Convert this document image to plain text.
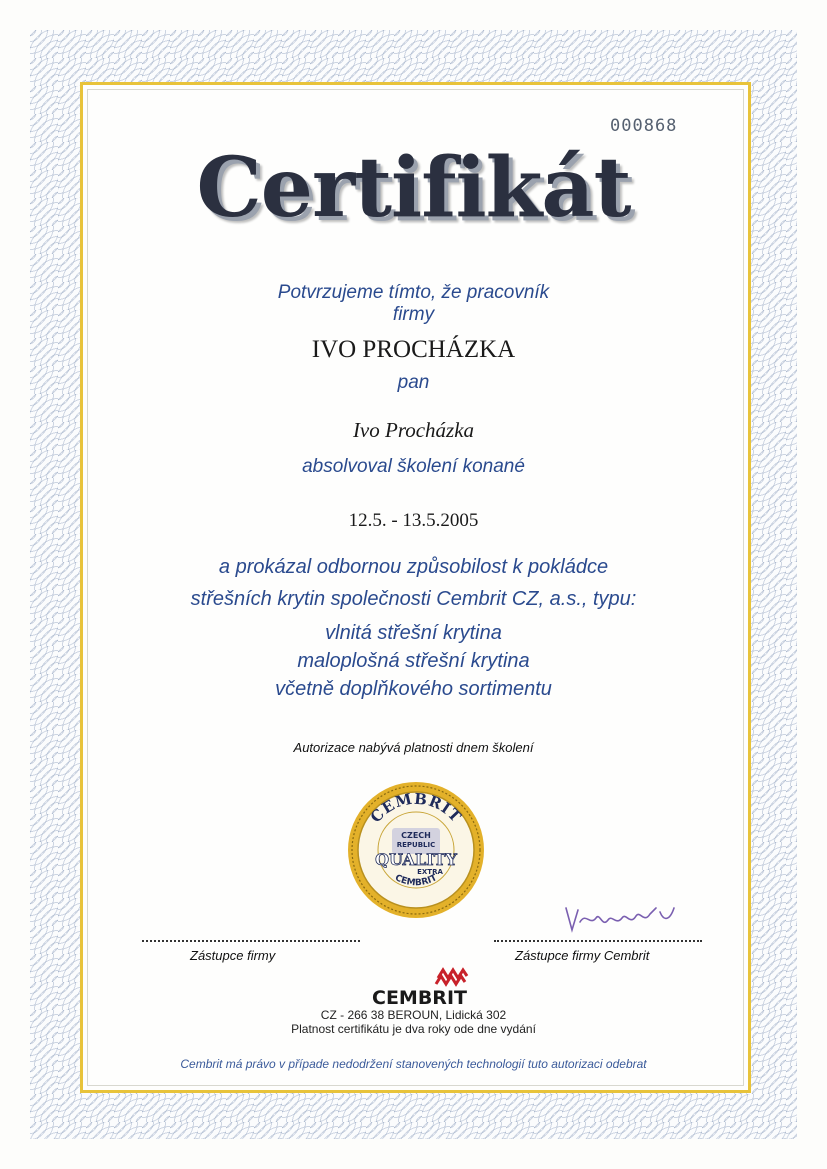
000868
Certifikát
Potvrzujeme tímto, že pracovník
firmy
IVO PROCHÁZKA
pan
Ivo Procházka
absolvoval školení konané
12.5. - 13.5.2005
a prokázal odbornou způsobilost k pokládce
střešních krytin společnosti Cembrit CZ, a.s., typu:
vlnitá střešní krytina
maloplošná střešní krytina
včetně doplňkového sortimentu
Autorizace nabývá platnosti dnem školení
CEMBRIT
CZECH
REPUBLIC
QUALITY
EXTRA
CEMBRIT
Zástupce firmy	Zástupce firmy Cembrit
CEMBRIT
CZ - 266 38 BEROUN, Lidická 302
Platnost certifikátu je dva roky ode dne vydání
Cembrit má právo v případe nedodržení stanovených technologií tuto autorizaci odebrat
